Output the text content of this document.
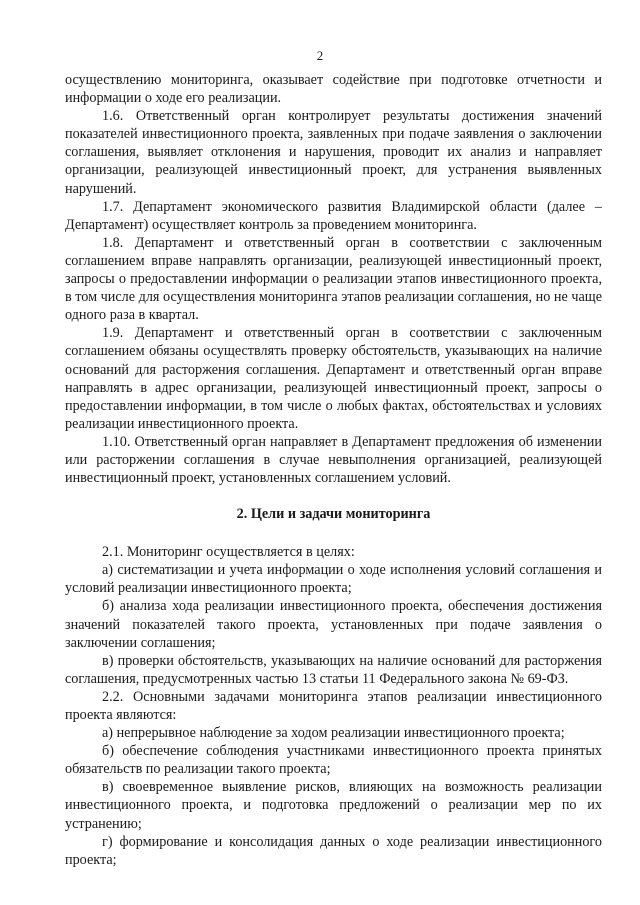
2

осуществлению мониторинга, оказывает содействие при подготовке отчетности и информации о ходе его реализации.

1.6. Ответственный орган контролирует результаты достижения значений показателей инвестиционного проекта, заявленных при подаче заявления о заключении соглашения, выявляет отклонения и нарушения, проводит их анализ и направляет организации, реализующей инвестиционный проект, для устранения выявленных нарушений.

1.7. Департамент экономического развития Владимирской области (далее – Департамент) осуществляет контроль за проведением мониторинга.

1.8. Департамент и ответственный орган в соответствии с заключенным соглашением вправе направлять организации, реализующей инвестиционный проект, запросы о предоставлении информации о реализации этапов инвестиционного проекта, в том числе для осуществления мониторинга этапов реализации соглашения, но не чаще одного раза в квартал.

1.9. Департамент и ответственный орган в соответствии с заключенным соглашением обязаны осуществлять проверку обстоятельств, указывающих на наличие оснований для расторжения соглашения. Департамент и ответственный орган вправе направлять в адрес организации, реализующей инвестиционный проект, запросы о предоставлении информации, в том числе о любых фактах, обстоятельствах и условиях реализации инвестиционного проекта.

1.10. Ответственный орган направляет в Департамент предложения об изменении или расторжении соглашения в случае невыполнения организацией, реализующей инвестиционный проект, установленных соглашением условий.

2. Цели и задачи мониторинга

2.1. Мониторинг осуществляется в целях:

а) систематизации и учета информации о ходе исполнения условий соглашения и условий реализации инвестиционного проекта;

б) анализа хода реализации инвестиционного проекта, обеспечения достижения значений показателей такого проекта, установленных при подаче заявления о заключении соглашения;

в) проверки обстоятельств, указывающих на наличие оснований для расторжения соглашения, предусмотренных частью 13 статьи 11 Федерального закона № 69-ФЗ.

2.2. Основными задачами мониторинга этапов реализации инвестиционного проекта являются:

а) непрерывное наблюдение за ходом реализации инвестиционного проекта;

б) обеспечение соблюдения участниками инвестиционного проекта принятых обязательств по реализации такого проекта;

в) своевременное выявление рисков, влияющих на возможность реализации инвестиционного проекта, и подготовка предложений о реализации мер по их устранению;

г) формирование и консолидация данных о ходе реализации инвестиционного проекта;
